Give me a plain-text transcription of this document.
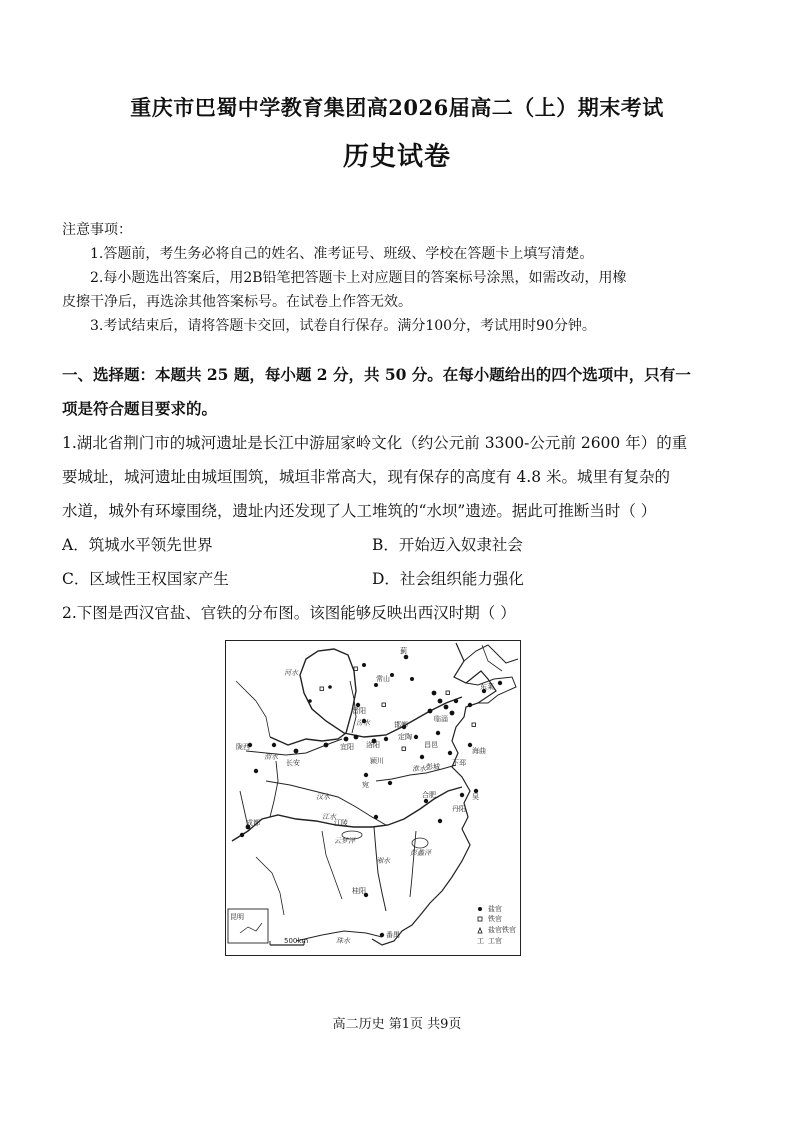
重庆市巴蜀中学教育集团高2026届高二（上）期末考试
历史试卷

注意事项：

1.答题前，考生务必将自己的姓名、准考证号、班级、学校在答题卡上填写清楚。

2.每小题选出答案后，用2B铅笔把答题卡上对应题目的答案标号涂黑，如需改动，用橡

皮擦干净后，再选涂其他答案标号。在试卷上作答无效。

3.考试结束后，请将答题卡交回，试卷自行保存。满分100分，考试用时90分钟。

一、选择题：本题共 25 题，每小题 2 分，共 50 分。在每小题给出的四个选项中，只有一

项是符合题目要求的。

1.湖北省荆门市的城河遗址是长江中游屈家岭文化（约公元前 3300-公元前 2600 年）的重

要城址，城河遗址由城垣围筑，城垣非常高大，现有保存的高度有 4.8 米。城里有复杂的

水道，城外有环壕围绕，遗址内还发现了人工堆筑的“水坝”遗迹。据此可推断当时（ ）

A．筑城水平领先世界	B．开始迈入奴隶社会
C．区域性王权国家产生	D．社会组织能力强化

2.下图是西汉官盐、官铁的分布图。该图能够反映出西汉时期（ ）

500km
蓟
东莱
常山
晋阳
邯郸
临淄
定陶
陇西
长安
宜阳 洛阳
颍川
昌邑
海曲
下邳
彭城
宛
合肥
成都	江陵
桂阳
番禺
昆明
吴
丹阳
河水
渭水
汉水
江水
淮水
湘水
汾水
云梦泽
彭蠡泽
珠水
盐官
铁官
盐官铁官
工 工官
高二历史 第1页 共9页
